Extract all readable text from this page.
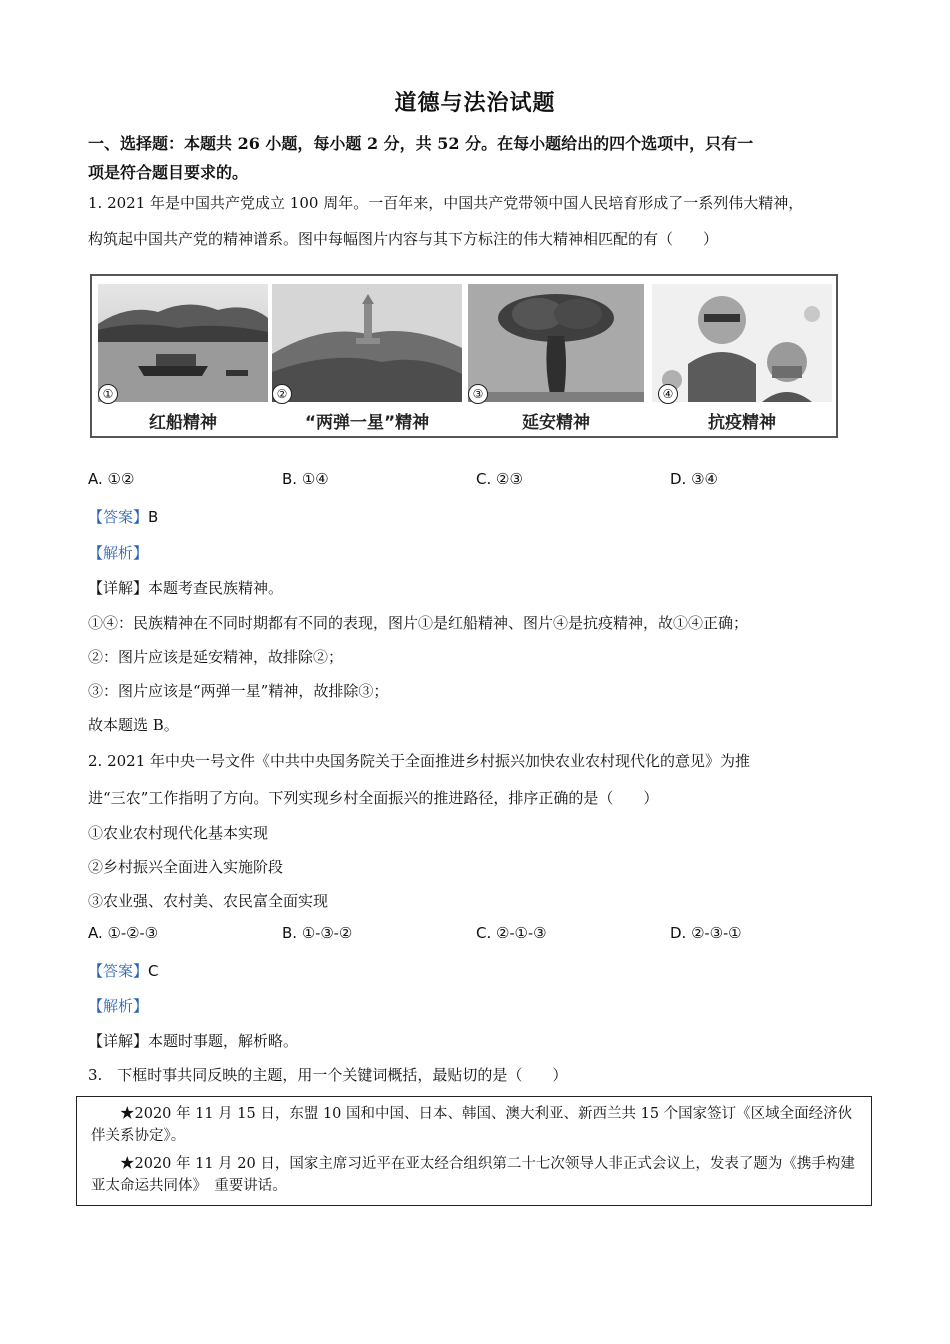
道德与法治试题
一、选择题：本题共 26 小题，每小题 2 分，共 52 分。在每小题给出的四个选项中，只有一
项是符合题目要求的。
1. 2021 年是中国共产党成立 100 周年。一百年来，中国共产党带领中国人民培育形成了一系列伟大精神，
构筑起中国共产党的精神谱系。图中每幅图片内容与其下方标注的伟大精神相匹配的有（　　）
①	②	③	④
红船精神	“两弹一星”精神	延安精神	抗疫精神
A. ①②	B. ①④	C. ②③	D. ③④
【答案】B
【解析】
【详解】本题考查民族精神。
①④：民族精神在不同时期都有不同的表现，图片①是红船精神、图片④是抗疫精神，故①④正确；
②：图片应该是延安精神，故排除②；
③：图片应该是“两弹一星”精神，故排除③；
故本题选 B。
2. 2021 年中央一号文件《中共中央国务院关于全面推进乡村振兴加快农业农村现代化的意见》为推
进“三农”工作指明了方向。下列实现乡村全面振兴的推进路径，排序正确的是（　　）
①农业农村现代化基本实现
②乡村振兴全面进入实施阶段
③农业强、农村美、农民富全面实现
A. ①-②-③	B. ①-③-②	C. ②-①-③	D. ②-③-①
【答案】C
【解析】
【详解】本题时事题，解析略。
3.　下框时事共同反映的主题，用一个关键词概括，最贴切的是（　　）

★2020 年 11 月 15 日，东盟 10 国和中国、日本、韩国、澳大利亚、新西兰共 15 个国家签订《区域全面经济伙伴关系协定》。

★2020 年 11 月 20 日，国家主席习近平在亚太经合组织第二十七次领导人非正式会议上，发表了题为《携手构建亚太命运共同体》　重要讲话。
